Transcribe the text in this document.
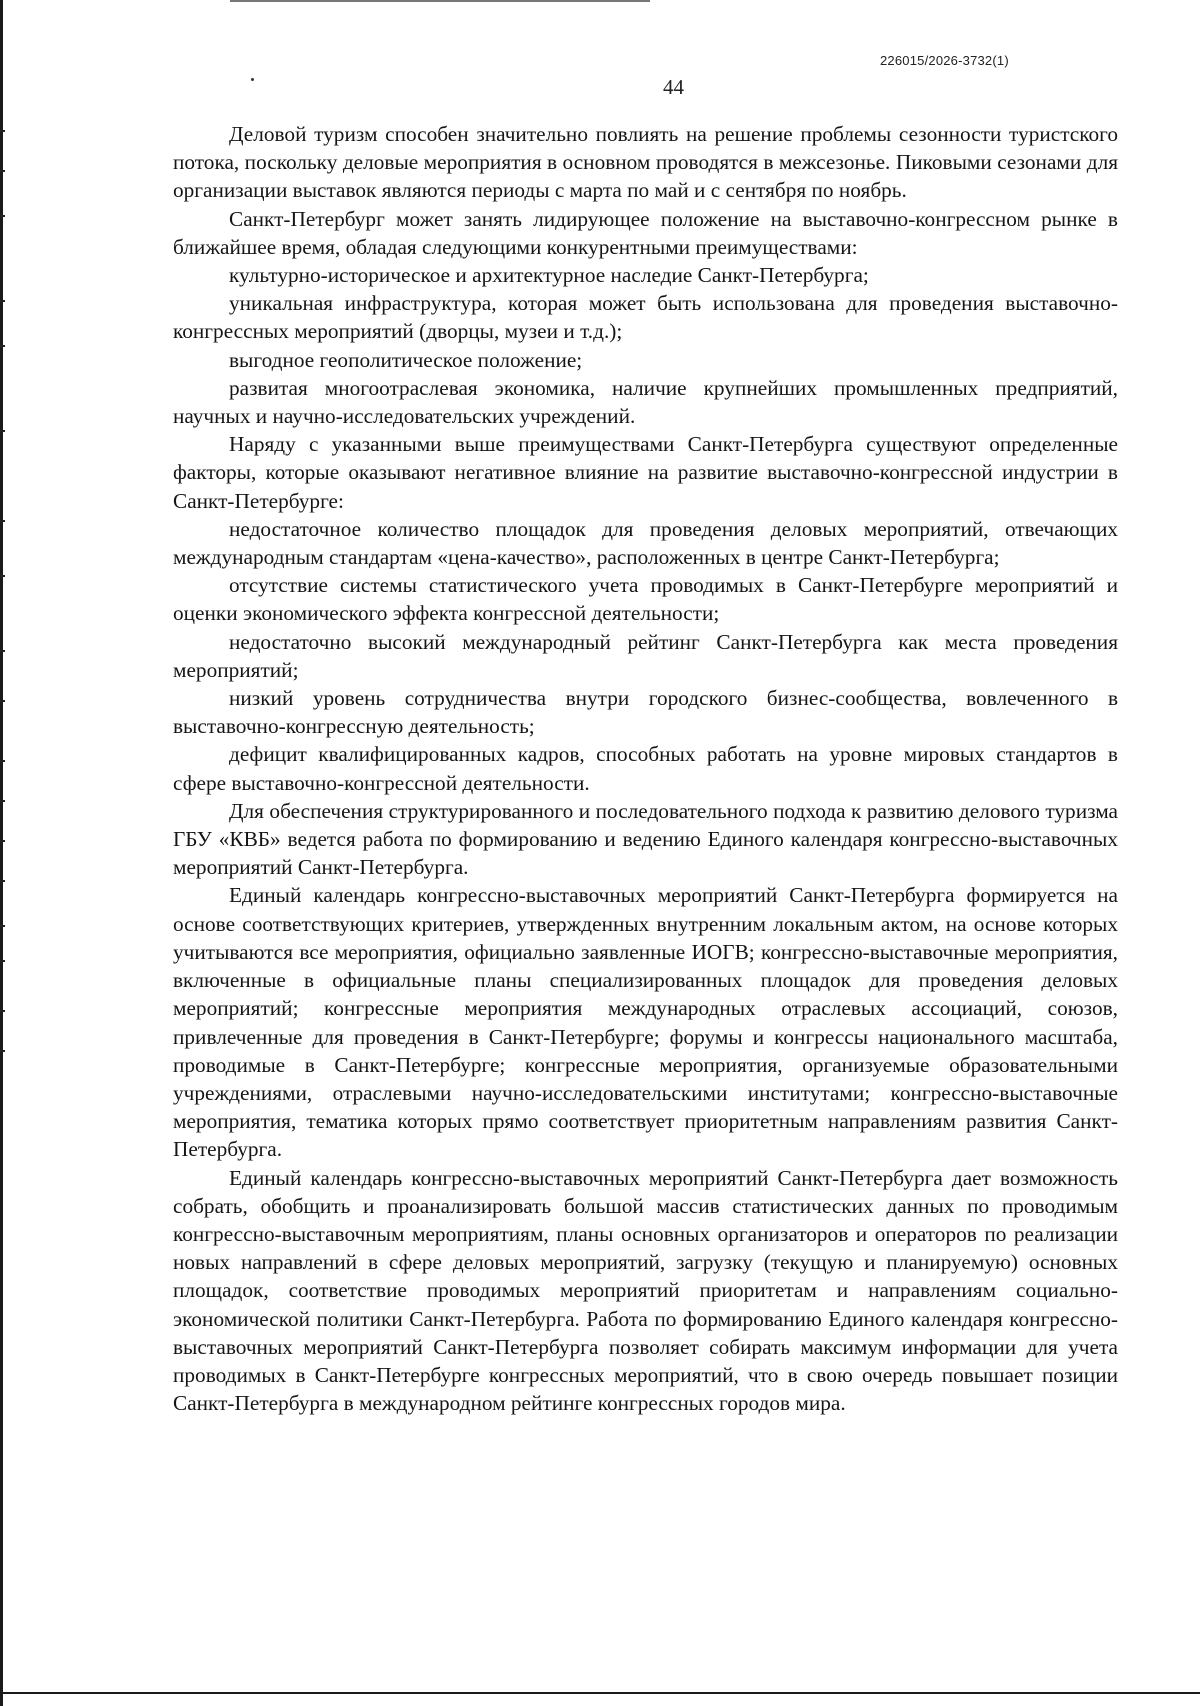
226015/2026-3732(1)
44

Деловой туризм способен значительно повлиять на решение проблемы сезонности туристского потока, поскольку деловые мероприятия в основном проводятся в межсезонье. Пиковыми сезонами для организации выставок являются периоды с марта по май и с сентября по ноябрь.

Санкт-Петербург может занять лидирующее положение на выставочно-конгрессном рынке в ближайшее время, обладая следующими конкурентными преимуществами:

культурно-историческое и архитектурное наследие Санкт-Петербурга;

уникальная инфраструктура, которая может быть использована для проведения выставочно-конгрессных мероприятий (дворцы, музеи и т.д.);

выгодное геополитическое положение;

развитая многоотраслевая экономика, наличие крупнейших промышленных предприятий, научных и научно-исследовательских учреждений.

Наряду с указанными выше преимуществами Санкт-Петербурга существуют определенные факторы, которые оказывают негативное влияние на развитие выставочно-конгрессной индустрии в Санкт-Петербурге:

недостаточное количество площадок для проведения деловых мероприятий, отвечающих международным стандартам «цена-качество», расположенных в центре Санкт-Петербурга;

отсутствие системы статистического учета проводимых в Санкт-Петербурге мероприятий и оценки экономического эффекта конгрессной деятельности;

недостаточно высокий международный рейтинг Санкт-Петербурга как места проведения мероприятий;

низкий уровень сотрудничества внутри городского бизнес-сообщества, вовлеченного в выставочно-конгрессную деятельность;

дефицит квалифицированных кадров, способных работать на уровне мировых стандартов в сфере выставочно-конгрессной деятельности.

Для обеспечения структурированного и последовательного подхода к развитию делового туризма ГБУ «КВБ» ведется работа по формированию и ведению Единого календаря конгрессно-выставочных мероприятий Санкт-Петербурга.

Единый календарь конгрессно-выставочных мероприятий Санкт-Петербурга формируется на основе соответствующих критериев, утвержденных внутренним локальным актом, на основе которых учитываются все мероприятия, официально заявленные ИОГВ; конгрессно-выставочные мероприятия, включенные в официальные планы специализированных площадок для проведения деловых мероприятий; конгрессные мероприятия международных отраслевых ассоциаций, союзов, привлеченные для проведения в Санкт-Петербурге; форумы и конгрессы национального масштаба, проводимые в Санкт-Петербурге; конгрессные мероприятия, организуемые образовательными учреждениями, отраслевыми научно-исследовательскими институтами; конгрессно-выставочные мероприятия, тематика которых прямо соответствует приоритетным направлениям развития Санкт-Петербурга.

Единый календарь конгрессно-выставочных мероприятий Санкт-Петербурга дает возможность собрать, обобщить и проанализировать большой массив статистических данных по проводимым конгрессно-выставочным мероприятиям, планы основных организаторов и операторов по реализации новых направлений в сфере деловых мероприятий, загрузку (текущую и планируемую) основных площадок, соответствие проводимых мероприятий приоритетам и направлениям социально-экономической политики Санкт-Петербурга. Работа по формированию Единого календаря конгрессно-выставочных мероприятий Санкт-Петербурга позволяет собирать максимум информации для учета проводимых в Санкт-Петербурге конгрессных мероприятий, что в свою очередь повышает позиции Санкт-Петербурга в международном рейтинге конгрессных городов мира.
